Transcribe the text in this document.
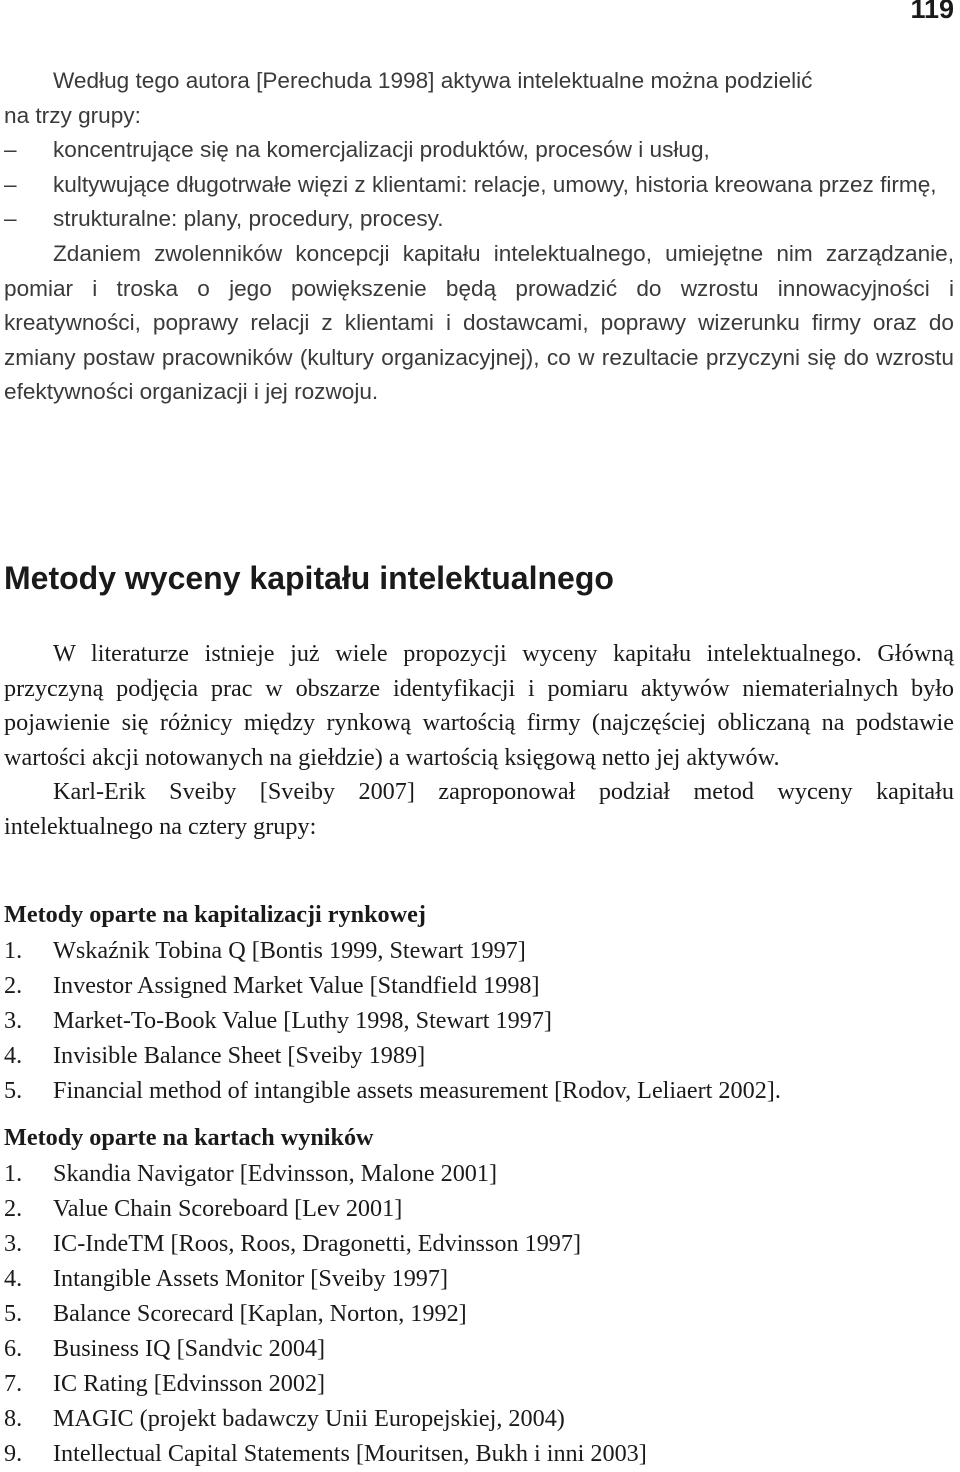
119

Według tego autora [Perechuda 1998] aktywa intelektualne można podzielić

na trzy grupy:

– koncentrujące się na komercjalizacji produktów, procesów i usług,
– kultywujące długotrwałe więzi z klientami: relacje, umowy, historia kreowana przez firmę,
– strukturalne: plany, procedury, procesy.

Zdaniem zwolenników koncepcji kapitału intelektualnego, umiejętne nim zarządzanie, pomiar i troska o jego powiększenie będą prowadzić do wzrostu innowacyjności i kreatywności, poprawy relacji z klientami i dostawcami, poprawy wizerunku firmy oraz do zmiany postaw pracowników (kultury organizacyjnej), co w rezultacie przyczyni się do wzrostu efektywności organizacji i jej rozwoju.

Metody wyceny kapitału intelektualnego

W literaturze istnieje już wiele propozycji wyceny kapitału intelektualnego. Główną przyczyną podjęcia prac w obszarze identyfikacji i pomiaru aktywów niematerialnych było pojawienie się różnicy między rynkową wartością firmy (najczęściej obliczaną na podstawie wartości akcji notowanych na giełdzie) a wartością księgową netto jej aktywów.

Karl-Erik Sveiby [Sveiby 2007] zaproponował podział metod wyceny kapitału intelektualnego na cztery grupy:

Metody oparte na kapitalizacji rynkowej

1. Wskaźnik Tobina Q [Bontis 1999, Stewart 1997]
2. Investor Assigned Market Value [Standfield 1998]
3. Market-To-Book Value [Luthy 1998, Stewart 1997]
4. Invisible Balance Sheet [Sveiby 1989]
5. Financial method of intangible assets measurement [Rodov, Leliaert 2002].

Metody oparte na kartach wyników

1. Skandia Navigator [Edvinsson, Malone 2001]
2. Value Chain Scoreboard [Lev 2001]
3. IC-IndeTM [Roos, Roos, Dragonetti, Edvinsson 1997]
4. Intangible Assets Monitor [Sveiby 1997]
5. Balance Scorecard [Kaplan, Norton, 1992]
6. Business IQ [Sandvic 2004]
7. IC Rating [Edvinsson 2002]
8. MAGIC (projekt badawczy Unii Europejskiej, 2004)
9. Intellectual Capital Statements [Mouritsen, Bukh i inni 2003]
